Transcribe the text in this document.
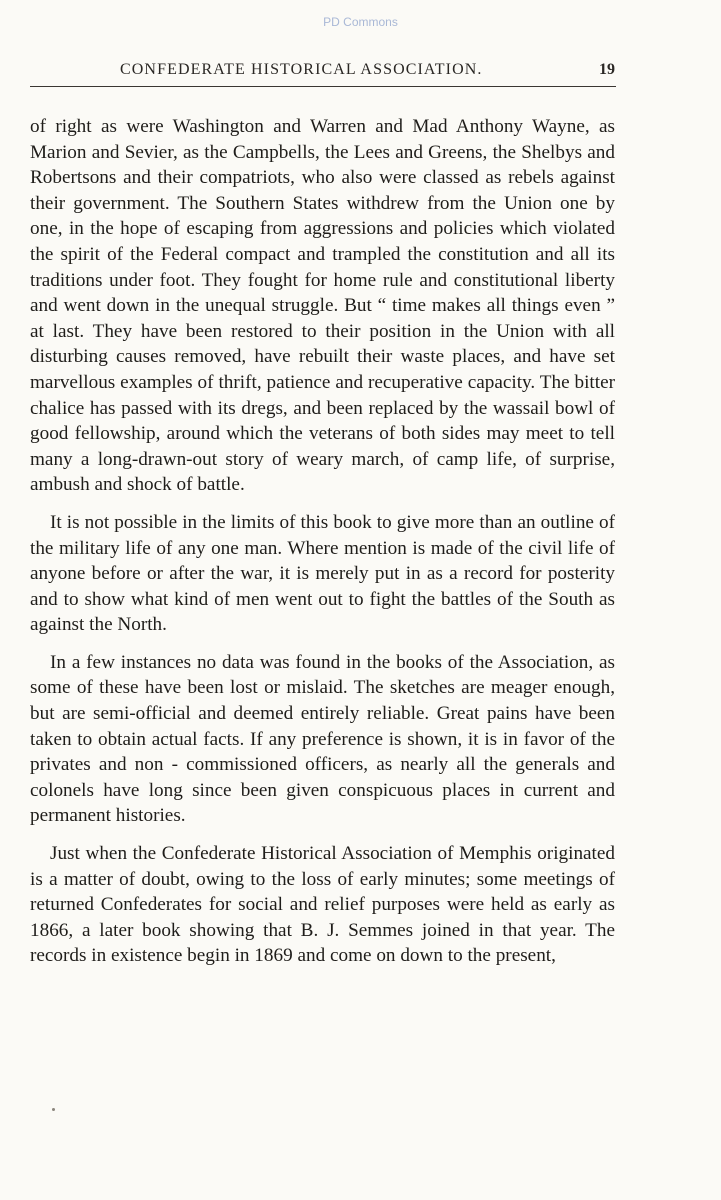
PD Commons
CONFEDERATE HISTORICAL ASSOCIATION.	19

of right as were Washington and Warren and Mad Anthony Wayne, as Marion and Sevier, as the Campbells, the Lees and Greens, the Shelbys and Robertsons and their compatriots, who also were classed as rebels against their government. The Southern States withdrew from the Union one by one, in the hope of escaping from aggressions and policies which violated the spirit of the Federal compact and trampled the constitution and all its traditions under foot. They fought for home rule and constitutional liberty and went down in the unequal struggle. But “ time makes all things even ” at last. They have been restored to their position in the Union with all disturbing causes removed, have rebuilt their waste places, and have set marvellous examples of thrift, patience and recuperative capacity. The bitter chalice has passed with its dregs, and been replaced by the wassail bowl of good fellowship, around which the veterans of both sides may meet to tell many a long-drawn-out story of weary march, of camp life, of surprise, ambush and shock of battle.

It is not possible in the limits of this book to give more than an outline of the military life of any one man. Where mention is made of the civil life of anyone before or after the war, it is merely put in as a record for posterity and to show what kind of men went out to fight the battles of the South as against the North.

In a few instances no data was found in the books of the Association, as some of these have been lost or mislaid. The sketches are meager enough, but are semi-official and deemed entirely reliable. Great pains have been taken to obtain actual facts. If any preference is shown, it is in favor of the privates and non - commissioned officers, as nearly all the generals and colonels have long since been given conspicuous places in current and permanent histories.

Just when the Confederate Historical Association of Memphis originated is a matter of doubt, owing to the loss of early minutes; some meetings of returned Confederates for social and relief purposes were held as early as 1866, a later book showing that B. J. Semmes joined in that year. The records in existence begin in 1869 and come on down to the present,
